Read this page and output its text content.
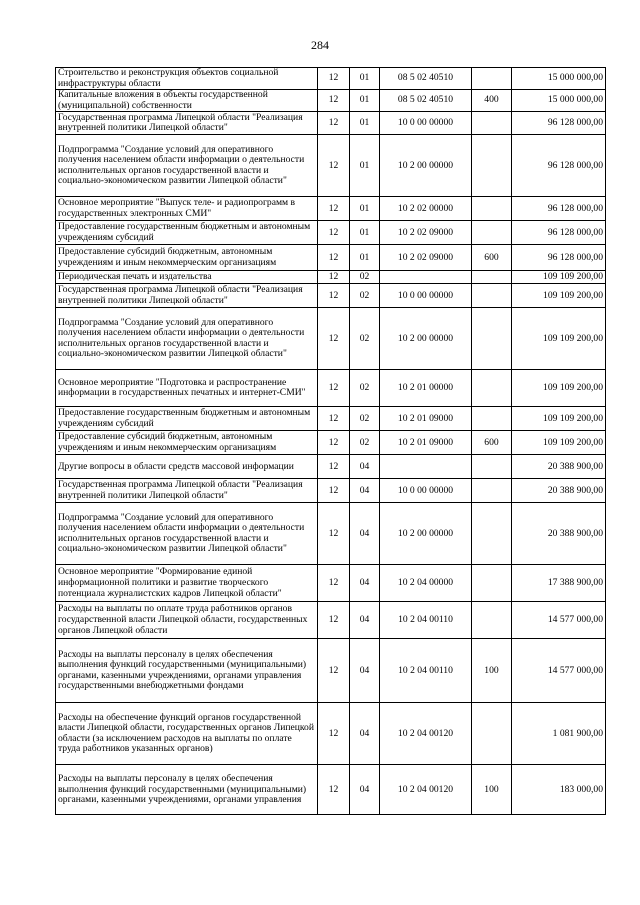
284
Строительство и реконструкция объектов социальной инфраструктуры области	12	01	08 5 02 40510		15 000 000,00
Капитальные вложения в объекты государственной (муниципальной) собственности	12	01	08 5 02 40510	400	15 000 000,00
Государственная программа Липецкой области "Реализация внутренней политики Липецкой области"	12	01	10 0 00 00000		96 128 000,00
Подпрограмма "Создание условий для оперативного получения населением области информации о деятельности исполнительных органов государственной власти и социально-экономическом развитии Липецкой области"	12	01	10 2 00 00000		96 128 000,00
Основное мероприятие "Выпуск теле- и радиопрограмм в государственных электронных СМИ"	12	01	10 2 02 00000		96 128 000,00
Предоставление государственным бюджетным и автономным учреждениям субсидий	12	01	10 2 02 09000		96 128 000,00
Предоставление субсидий бюджетным, автономным учреждениям и иным некоммерческим организациям	12	01	10 2 02 09000	600	96 128 000,00
Периодическая печать и издательства	12	02			109 109 200,00
Государственная программа Липецкой области "Реализация внутренней политики Липецкой области"	12	02	10 0 00 00000		109 109 200,00
Подпрограмма "Создание условий для оперативного получения населением области информации о деятельности исполнительных органов государственной власти и социально-экономическом развитии Липецкой области"	12	02	10 2 00 00000		109 109 200,00
Основное мероприятие "Подготовка и распространение информации в государственных печатных и интернет-СМИ"	12	02	10 2 01 00000		109 109 200,00
Предоставление государственным бюджетным и автономным учреждениям субсидий	12	02	10 2 01 09000		109 109 200,00
Предоставление субсидий бюджетным, автономным учреждениям и иным некоммерческим организациям	12	02	10 2 01 09000	600	109 109 200,00
Другие вопросы в области средств массовой информации	12	04			20 388 900,00
Государственная программа Липецкой области "Реализация внутренней политики Липецкой области"	12	04	10 0 00 00000		20 388 900,00
Подпрограмма "Создание условий для оперативного получения населением области информации о деятельности исполнительных органов государственной власти и социально-экономическом развитии Липецкой области"	12	04	10 2 00 00000		20 388 900,00
Основное мероприятие "Формирование единой информационной политики и развитие творческого потенциала журналистских кадров Липецкой области"	12	04	10 2 04 00000		17 388 900,00
Расходы на выплаты по оплате труда работников органов государственной власти Липецкой области, государственных органов Липецкой области	12	04	10 2 04 00110		14 577 000,00
Расходы на выплаты персоналу в целях обеспечения выполнения функций государственными (муниципальными) органами, казенными учреждениями, органами управления государственными внебюджетными фондами	12	04	10 2 04 00110	100	14 577 000,00
Расходы на обеспечение функций органов государственной власти Липецкой области, государственных органов Липецкой области (за исключением расходов на выплаты по оплате труда работников указанных органов)	12	04	10 2 04 00120		1 081 900,00
Расходы на выплаты персоналу в целях обеспечения выполнения функций государственными (муниципальными) органами, казенными учреждениями, органами управления	12	04	10 2 04 00120	100	183 000,00
